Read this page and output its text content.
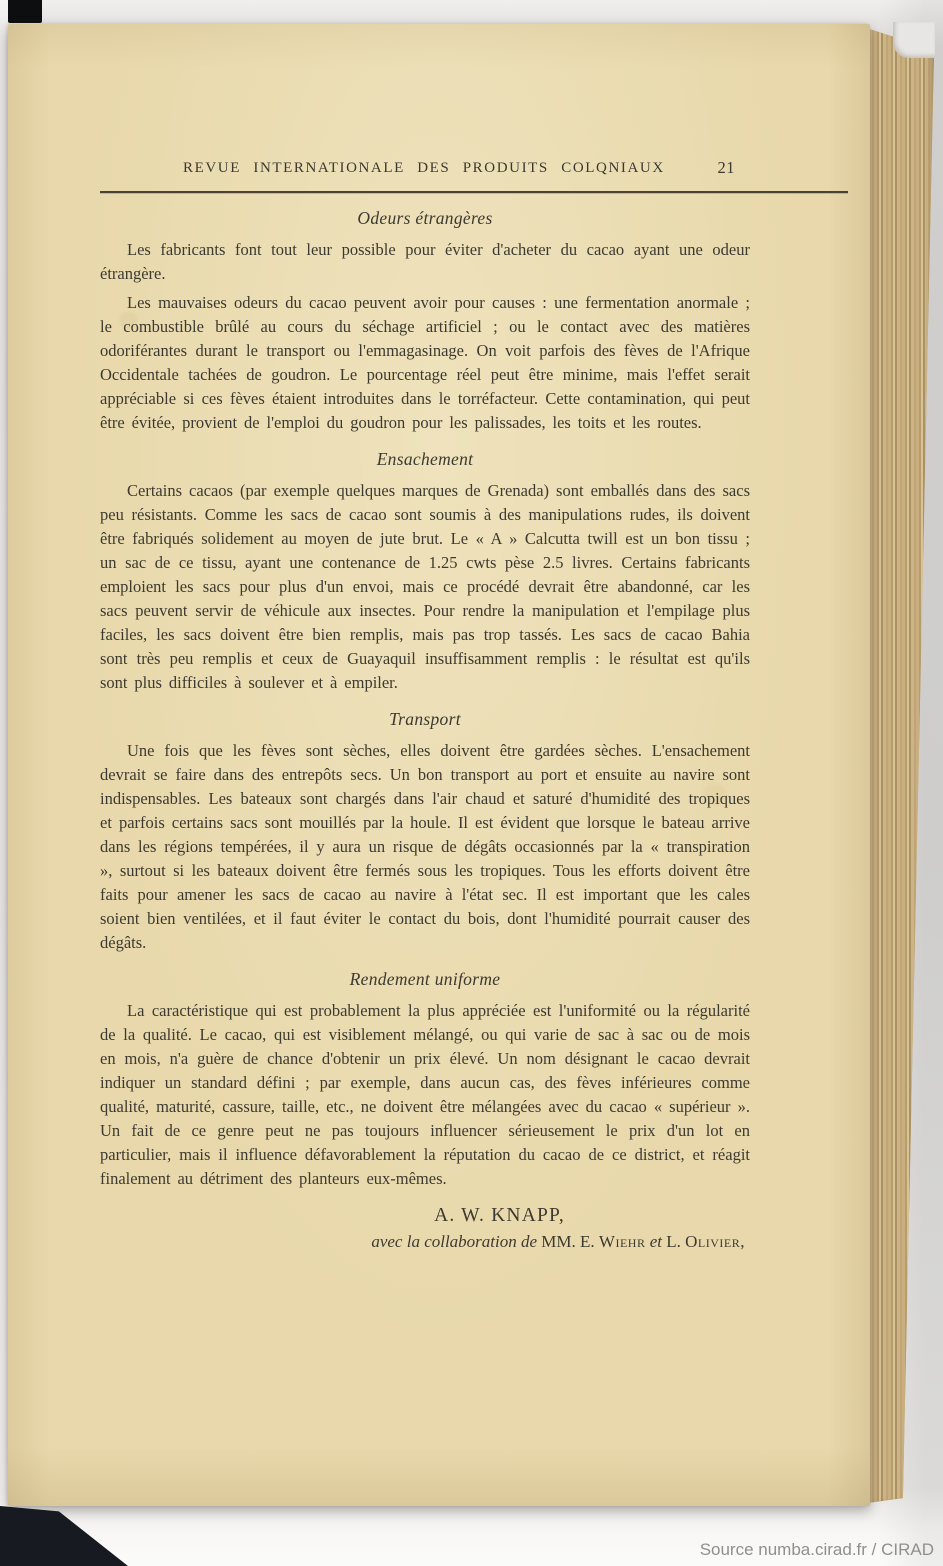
REVUE INTERNATIONALE DES PRODUITS COLQNIAUX	21
Odeurs étrangères

Les fabricants font tout leur possible pour éviter d'acheter du cacao ayant une odeur étrangère.

Les mauvaises odeurs du cacao peuvent avoir pour causes : une fermentation anormale ; le combustible brûlé au cours du séchage artificiel ; ou le contact avec des matières odoriférantes durant le transport ou l'emmagasinage. On voit parfois des fèves de l'Afrique Occidentale tachées de goudron. Le pourcentage réel peut être minime, mais l'effet serait appréciable si ces fèves étaient introduites dans le torréfacteur. Cette contamination, qui peut être évitée, provient de l'emploi du goudron pour les palissades, les toits et les routes.

Ensachement

Certains cacaos (par exemple quelques marques de Grenada) sont emballés dans des sacs peu résistants. Comme les sacs de cacao sont soumis à des manipulations rudes, ils doivent être fabriqués solidement au moyen de jute brut. Le « A » Calcutta twill est un bon tissu ; un sac de ce tissu, ayant une contenance de 1.25 cwts pèse 2.5 livres. Certains fabricants emploient les sacs pour plus d'un envoi, mais ce procédé devrait être abandonné, car les sacs peuvent servir de véhicule aux insectes. Pour rendre la manipulation et l'empilage plus faciles, les sacs doivent être bien remplis, mais pas trop tassés. Les sacs de cacao Bahia sont très peu remplis et ceux de Guayaquil insuffisamment remplis : le résultat est qu'ils sont plus difficiles à soulever et à empiler.

Transport

Une fois que les fèves sont sèches, elles doivent être gardées sèches. L'ensachement devrait se faire dans des entrepôts secs. Un bon transport au port et ensuite au navire sont indispensables. Les bateaux sont chargés dans l'air chaud et saturé d'humidité des tropiques et parfois certains sacs sont mouillés par la houle. Il est évident que lorsque le bateau arrive dans les régions tempérées, il y aura un risque de dégâts occasionnés par la « transpiration », surtout si les bateaux doivent être fermés sous les tropiques. Tous les efforts doivent être faits pour amener les sacs de cacao au navire à l'état sec. Il est important que les cales soient bien ventilées, et il faut éviter le contact du bois, dont l'humidité pourrait causer des dégâts.

Rendement uniforme

La caractéristique qui est probablement la plus appréciée est l'uniformité ou la régularité de la qualité. Le cacao, qui est visiblement mélangé, ou qui varie de sac à sac ou de mois en mois, n'a guère de chance d'obtenir un prix élevé. Un nom désignant le cacao devrait indiquer un standard défini ; par exemple, dans aucun cas, des fèves inférieures comme qualité, maturité, cassure, taille, etc., ne doivent être mélangées avec du cacao « supérieur ». Un fait de ce genre peut ne pas toujours influencer sérieusement le prix d'un lot en particulier, mais il influence défavorablement la réputation du cacao de ce district, et réagit finalement au détriment des planteurs eux-mêmes.

A. W. KNAPP,
avec la collaboration de MM. E. Wiehr et L. Olivier,
Source numba.cirad.fr / CIRAD
